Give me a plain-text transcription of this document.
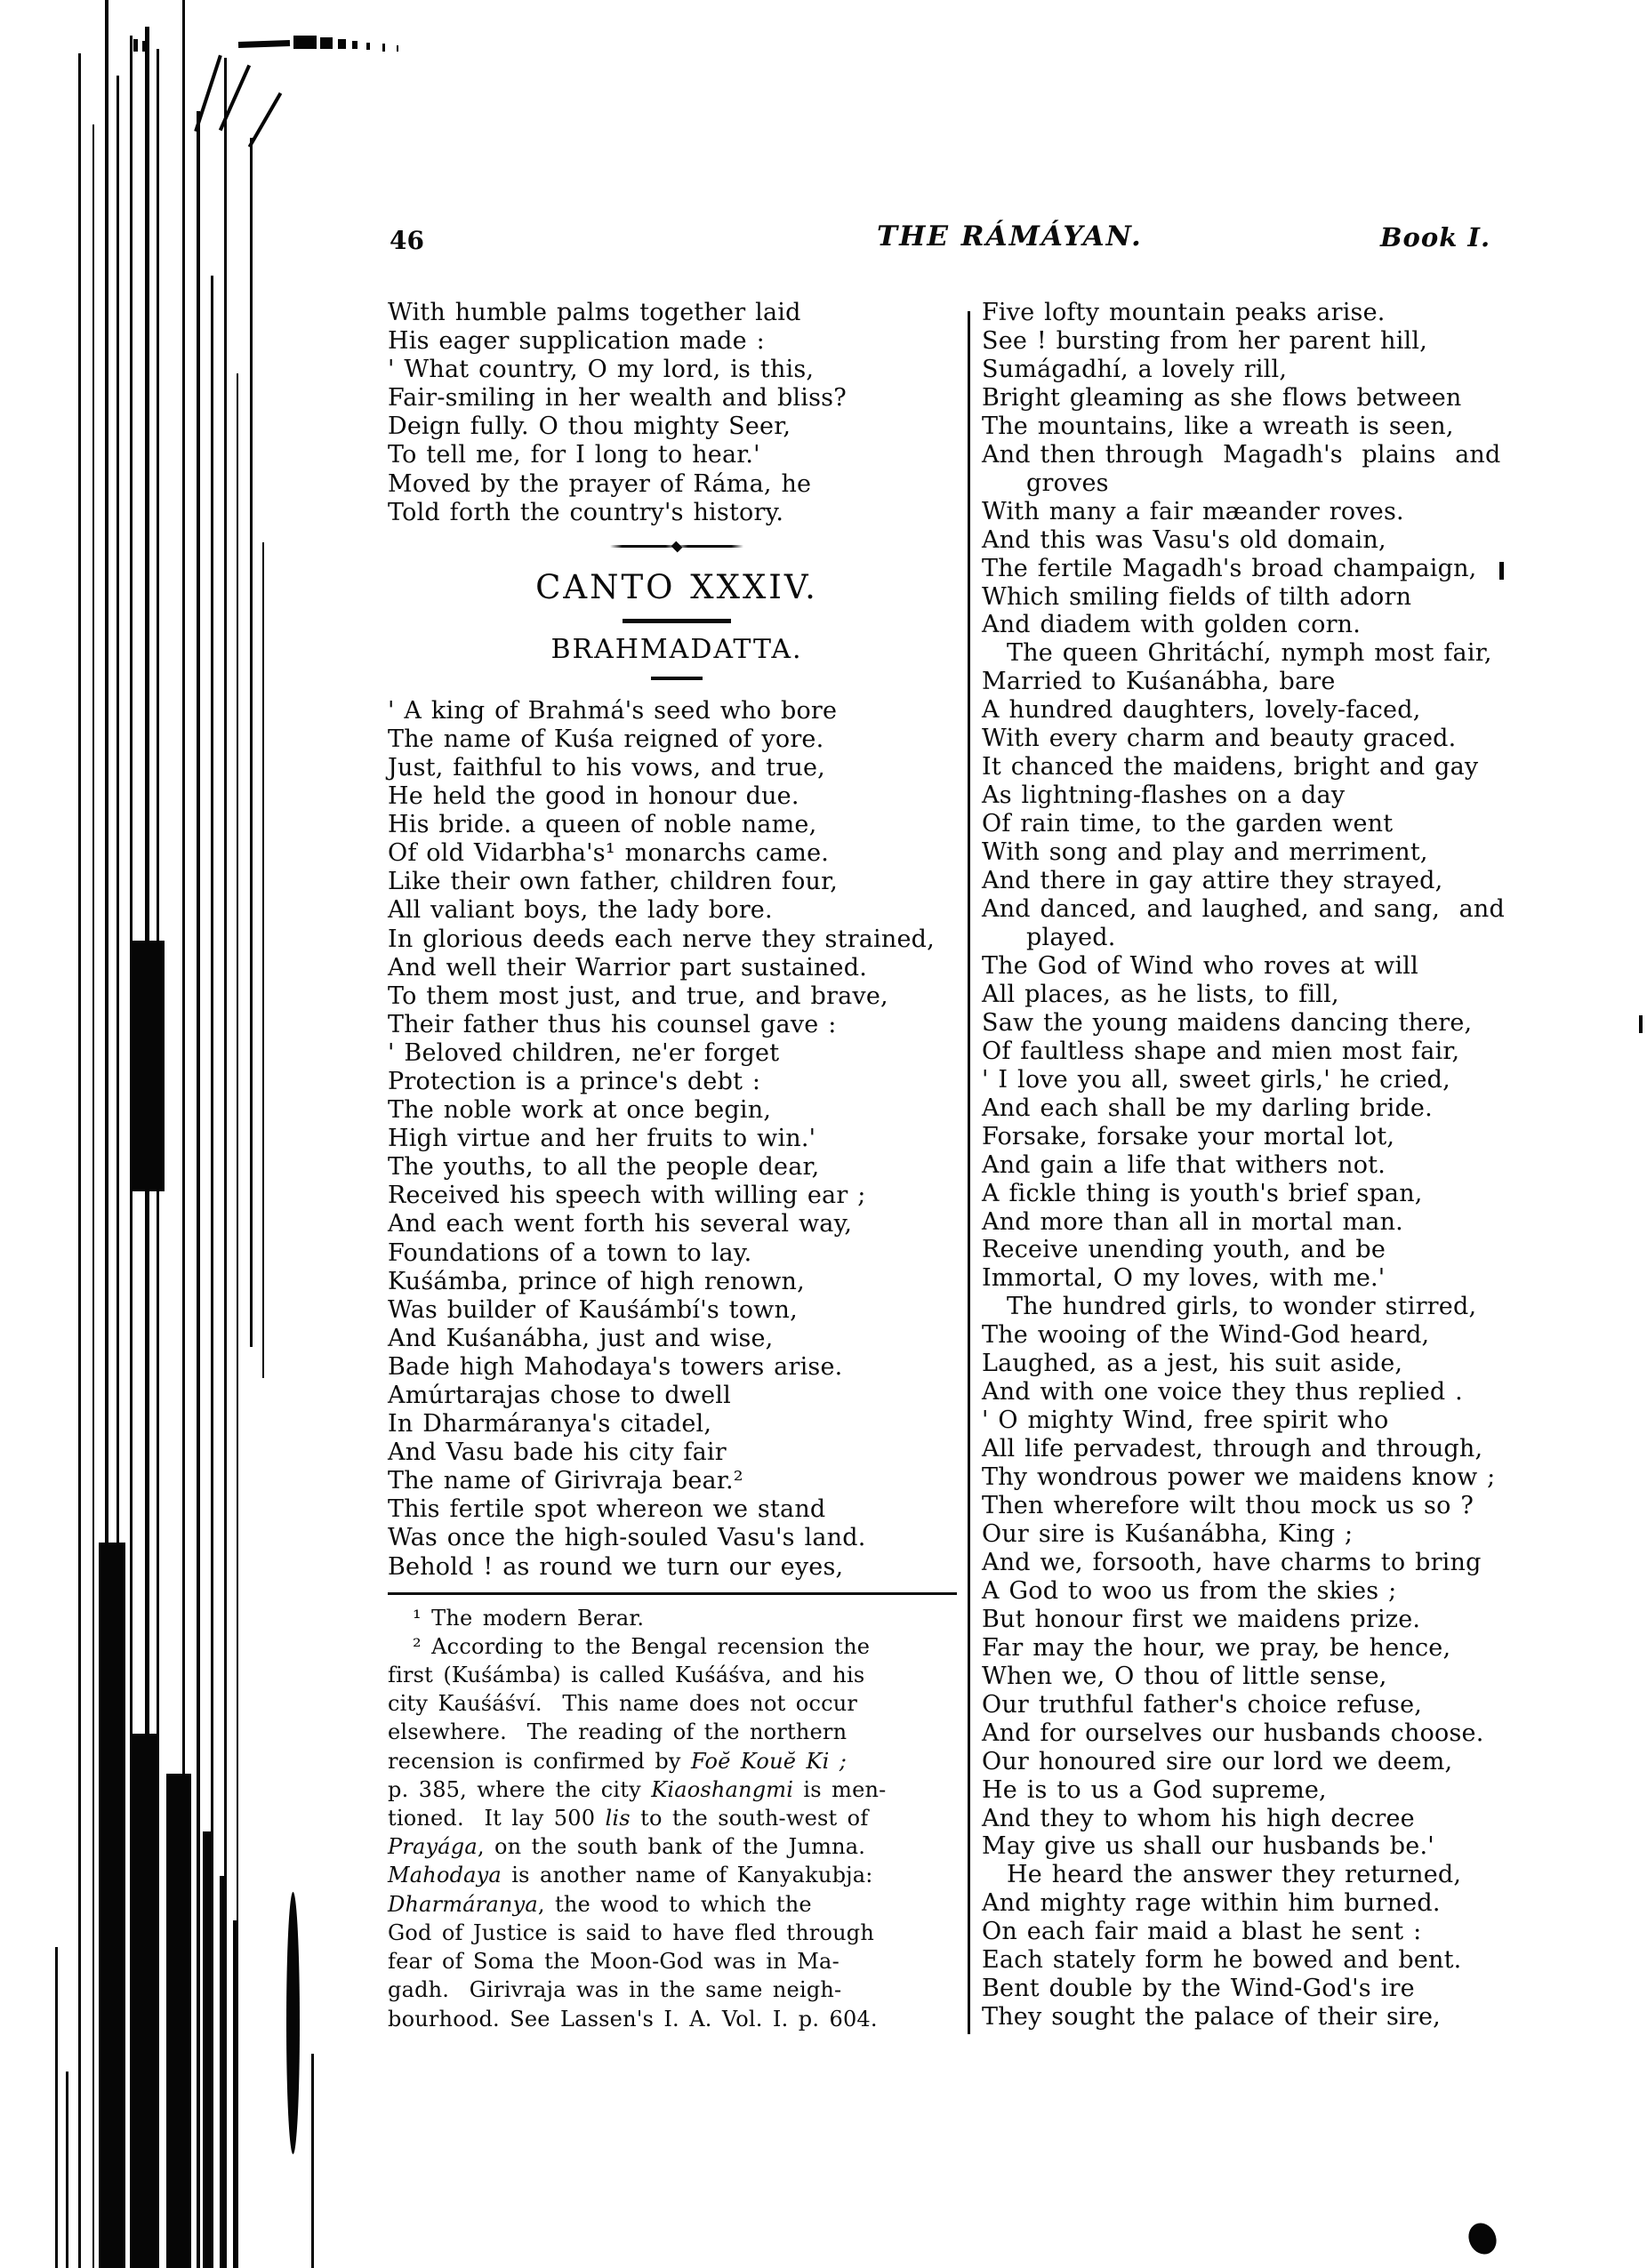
46	THE RÁMÁYAN.	Book I.
With humble palms together laid
His eager supplication made :
' What country, O my lord, is this,
Fair-smiling in her wealth and bliss?
Deign fully. O thou mighty Seer,
To tell me, for I long to hear.'
Moved by the prayer of Ráma, he
Told forth the country's history.
CANTO XXXIV.
BRAHMADATTA.
' A king of Brahmá's seed who bore
The name of Kuśa reigned of yore.
Just, faithful to his vows, and true,
He held the good in honour due.
His bride. a queen of noble name,
Of old Vidarbha's¹ monarchs came.
Like their own father, children four,
All valiant boys, the lady bore.
In glorious deeds each nerve they strained,
And well their Warrior part sustained.
To them most just, and true, and brave,
Their father thus his counsel gave :
' Beloved children, ne'er forget
Protection is a prince's debt :
The noble work at once begin,
High virtue and her fruits to win.'
The youths, to all the people dear,
Received his speech with willing ear ;
And each went forth his several way,
Foundations of a town to lay.
Kuśámba, prince of high renown,
Was builder of Kauśámbí's town,
And Kuśanábha, just and wise,
Bade high Mahodaya's towers arise.
Amúrtarajas chose to dwell
In Dharmáranya's citadel,
And Vasu bade his city fair
The name of Girivraja bear.²
This fertile spot whereon we stand
Was once the high-souled Vasu's land.
Behold ! as round we turn our eyes,
¹ The modern Berar.
² According to the Bengal recension the
first (Kuśámba) is called Kuśáśva, and his
city Kauśáśví.  This name does not occur
elsewhere.  The reading of the northern
recension is confirmed by Foĕ Kouĕ Ki ;
p. 385, where the city Kiaoshangmi is men-
tioned.  It lay 500 lis to the south-west of
Prayága, on the south bank of the Jumna.
Mahodaya is another name of Kanyakubja:
Dharmáranya, the wood to which the
God of Justice is said to have fled through
fear of Soma the Moon-God was in Ma-
gadh.  Girivraja was in the same neigh-
bourhood. See Lassen's I. A. Vol. I. p. 604.
Five lofty mountain peaks arise.
See ! bursting from her parent hill,
Sumágadhí, a lovely rill,
Bright gleaming as she flows between
The mountains, like a wreath is seen,
And then through  Magadh's  plains  and
groves
With many a fair mæander roves.
And this was Vasu's old domain,
The fertile Magadh's broad champaign,
Which smiling fields of tilth adorn
And diadem with golden corn.
The queen Ghritáchí, nymph most fair,
Married to Kuśanábha, bare
A hundred daughters, lovely-faced,
With every charm and beauty graced.
It chanced the maidens, bright and gay
As lightning-flashes on a day
Of rain time, to the garden went
With song and play and merriment,
And there in gay attire they strayed,
And danced, and laughed, and sang,  and
played.
The God of Wind who roves at will
All places, as he lists, to fill,
Saw the young maidens dancing there,
Of faultless shape and mien most fair,
' I love you all, sweet girls,' he cried,
And each shall be my darling bride.
Forsake, forsake your mortal lot,
And gain a life that withers not.
A fickle thing is youth's brief span,
And more than all in mortal man.
Receive unending youth, and be
Immortal, O my loves, with me.'
The hundred girls, to wonder stirred,
The wooing of the Wind-God heard,
Laughed, as a jest, his suit aside,
And with one voice they thus replied .
' O mighty Wind, free spirit who
All life pervadest, through and through,
Thy wondrous power we maidens know ;
Then wherefore wilt thou mock us so ?
Our sire is Kuśanábha, King ;
And we, forsooth, have charms to bring
A God to woo us from the skies ;
But honour first we maidens prize.
Far may the hour, we pray, be hence,
When we, O thou of little sense,
Our truthful father's choice refuse,
And for ourselves our husbands choose.
Our honoured sire our lord we deem,
He is to us a God supreme,
And they to whom his high decree
May give us shall our husbands be.'
He heard the answer they returned,
And mighty rage within him burned.
On each fair maid a blast he sent :
Each stately form he bowed and bent.
Bent double by the Wind-God's ire
They sought the palace of their sire,
